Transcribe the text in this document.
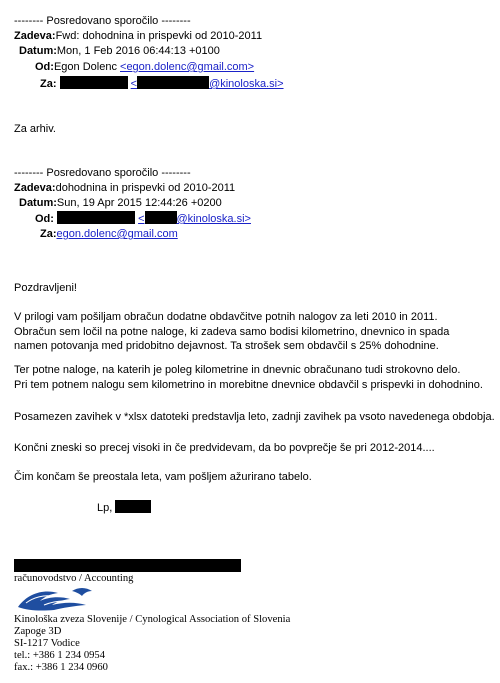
-------- Posredovano sporočilo --------
Zadeva:Fwd: dohodnina in prispevki od 2010-2011
Datum:Mon, 1 Feb 2016 06:44:13 +0100
Od:Egon Dolenc <egon.dolenc@gmail.com>
Za:	<	@kinoloska.si>
Za arhiv.
-------- Posredovano sporočilo --------
Zadeva:dohodnina in prispevki od 2010-2011
Datum:Sun, 19 Apr 2015 12:44:26 +0200
Od:	<	@kinoloska.si>
Za:egon.dolenc@gmail.com
Pozdravljeni!
V prilogi vam pošiljam obračun dodatne obdavčitve potnih nalogov za leti 2010 in 2011.
Obračun sem ločil na potne naloge, ki zadeva samo bodisi kilometrino, dnevnico in spada
namen potovanja med pridobitno dejavnost. Ta strošek sem obdavčil s 25% dohodnine.
Ter potne naloge, na katerih je poleg kilometrine in dnevnic obračunano tudi strokovno delo.
Pri tem potnem nalogu sem kilometrino in morebitne dnevnice obdavčil s prispevki in dohodnino.
Posamezen zavihek v *xlsx datoteki predstavlja leto, zadnji zavihek pa vsoto navedenega obdobja.
Končni zneski so precej visoki in če predvidevam, da bo povprečje še pri 2012-2014....
Čim končam še preostala leta, vam pošljem ažurirano tabelo.
Lp,
računovodstvo / Accounting
Kinološka zveza Slovenije / Cynological Association of Slovenia
Zapoge 3D
SI-1217 Vodice
tel.: +386 1 234 0954
fax.: +386 1 234 0960
